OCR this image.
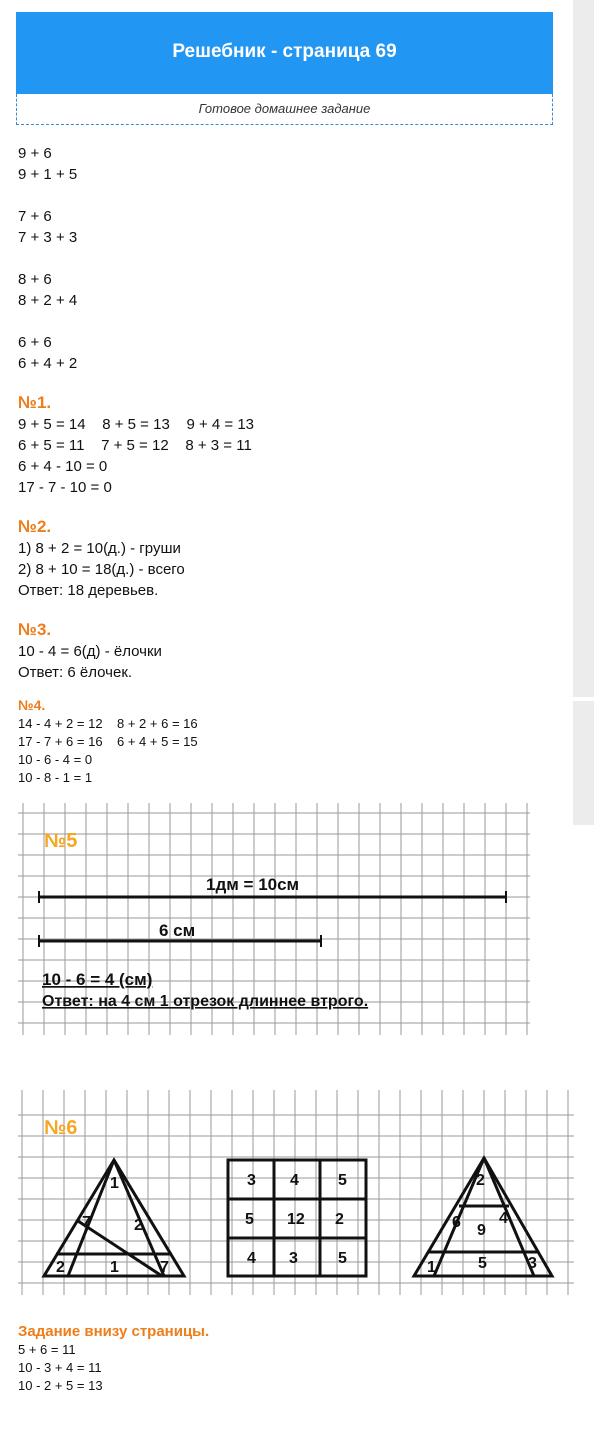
Решебник - страница 69
Готовое домашнее задание
9 + 6
9 + 1 + 5
7 + 6
7 + 3 + 3
8 + 6
8 + 2 + 4
6 + 6
6 + 4 + 2
№1.
9 + 5 = 14    8 + 5 = 13    9 + 4 = 13
6 + 5 = 11    7 + 5 = 12    8 + 3 = 11
6 + 4 - 10 = 0
17 - 7 - 10 = 0
№2.
1) 8 + 2 = 10(д.) - груши
2) 8 + 10 = 18(д.) - всего
Ответ: 18 деревьев.
№3.
10 - 4 = 6(д) - ёлочки
Ответ: 6 ёлочек.
№4.
14 - 4 + 2 = 12    8 + 2 + 6 = 16
17 - 7 + 6 = 16    6 + 4 + 5 = 15
10 - 6 - 4 = 0
10 - 8 - 1 = 1
№5
1дм = 10см
6 см
10 - 6 = 4 (см)
Ответ: на 4 см 1 отрезок длиннее втрого.
№6
1
7	2
2	1	7
3 4 5
5 12 2
4 3	5
2
6 4
9
1	5	3
Задание внизу страницы.
5 + 6 = 11
10 - 3 + 4 = 11
10 - 2 + 5 = 13
